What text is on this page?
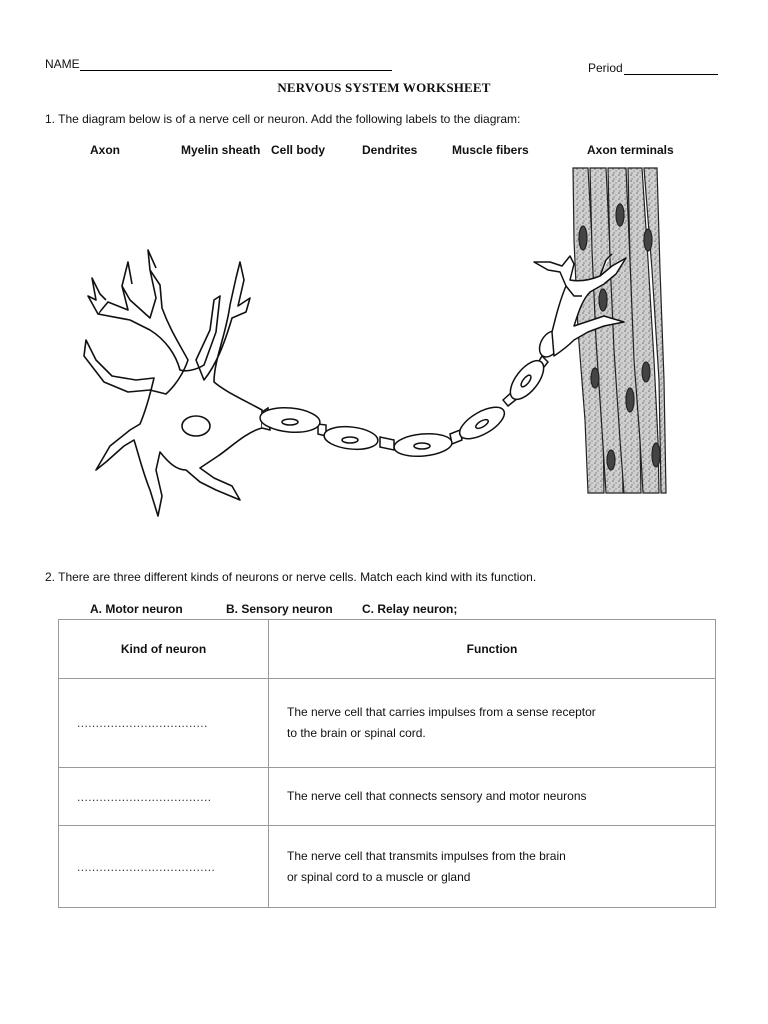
NAME	Period
NERVOUS SYSTEM WORKSHEET
1. The diagram below is of a nerve cell or neuron. Add the following labels to the diagram:
Axon	Myelin sheath Cell body	Dendrites	Muscle fibers	Axon terminals
2. There are three different kinds of neurons or nerve cells. Match each kind with its function.
A. Motor neuron	B. Sensory neuron C. Relay neuron;
Kind of neuron	Function
...................................	The nerve cell that carries impulses from a sense receptor
to the brain or spinal cord.

....................................	The nerve cell that connects sensory and motor neurons

.....................................	The nerve cell that transmits impulses from the brain
or spinal cord to a muscle or gland
